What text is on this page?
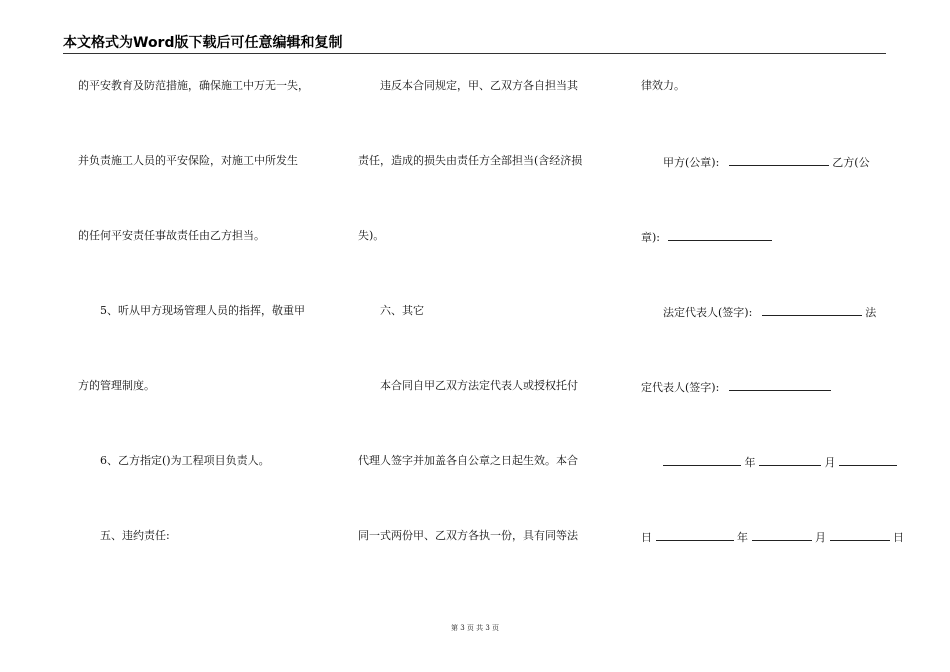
本文格式为Word版下载后可任意编辑和复制
的平安教育及防范措施，确保施工中万无一失，
并负责施工人员的平安保险，对施工中所发生
的任何平安责任事故责任由乙方担当。
5、听从甲方现场管理人员的指挥，敬重甲
方的管理制度。
6、乙方指定()为工程项目负责人。
五、违约责任:
违反本合同规定，甲、乙双方各自担当其
责任，造成的损失由责任方全部担当(含经济损
失)。
六、其它
本合同自甲乙双方法定代表人或授权托付
代理人签字并加盖各自公章之日起生效。本合
同一式两份甲、乙双方各执一份，具有同等法
律效力。
甲方(公章):	乙方(公
章):
法定代表人(签字):	法
定代表人(签字):
年	月
日	年	月	日
第 3 页 共 3 页
